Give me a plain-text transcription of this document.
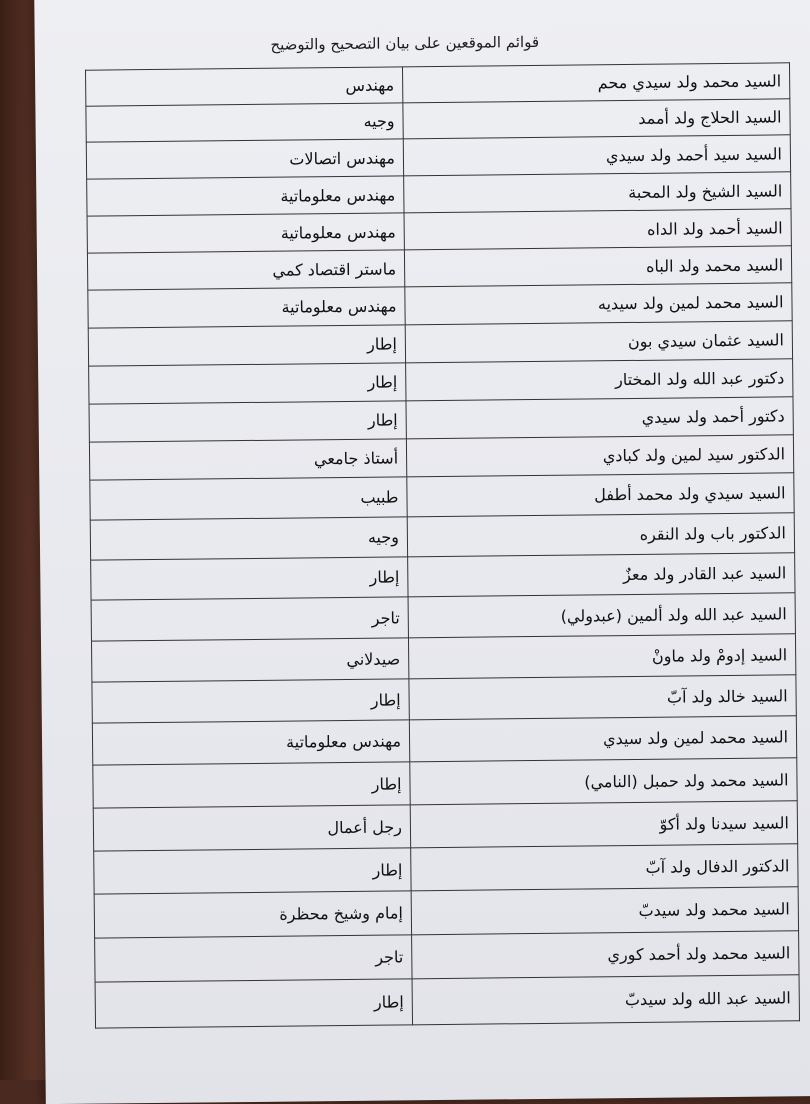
قوائم الموقعين على بيان التصحيح والتوضيح
السيد محمد ولد سيدي محم	مهندس
السيد الحلاج ولد أممد	وجيه
السيد سيد أحمد ولد سيدي	مهندس اتصالات
السيد الشيخ ولد المحبة	مهندس معلوماتية
السيد أحمد ولد الداه	مهندس معلوماتية
السيد محمد ولد الباه	ماستر اقتصاد كمي
السيد محمد لمين ولد سيديه	مهندس معلوماتية
السيد عثمان سيدي بون	إطار
دكتور عبد الله ولد المختار	إطار
دكتور أحمد ولد سيدي	إطار
الدكتور سيد لمين ولد كبادي	أستاذ جامعي
السيد سيدي ولد محمد أطفل	طبيب
الدكتور باب ولد النقره	وجيه
السيد عبد القادر ولد معزٌ	إطار
السيد عبد الله ولد ألمين (عبدولي)	تاجر
السيد إدومْ ولد ماونْ	صيدلاني
السيد خالد ولد آبّ	إطار
السيد محمد لمين ولد سيدي	مهندس معلوماتية
السيد محمد ولد حمبل (النامي)	إطار
السيد سيدنا ولد أكوّ	رجل أعمال
الدكتور الدفال ولد آبّ	إطار
السيد محمد ولد سيدبّ	إمام وشيخ محظرة
السيد محمد ولد أحمد كوري	تاجر
السيد عبد الله ولد سيدبّ	إطار
